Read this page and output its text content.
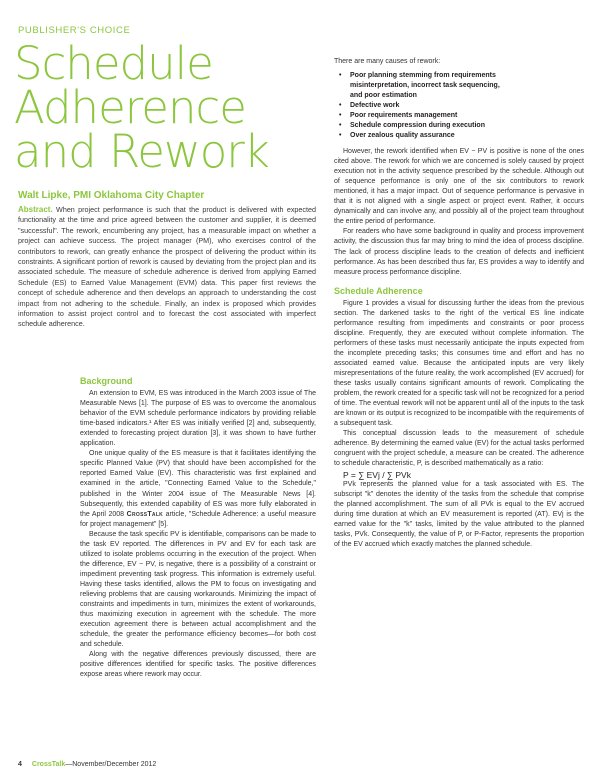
PUBLISHER'S CHOICE
Schedule
Adherence
and Rework
Walt Lipke, PMI Oklahoma City Chapter

Abstract. When project performance is such that the product is delivered with expected functionality at the time and price agreed between the customer and supplier, it is deemed "successful". The rework, encumbering any project, has a measurable impact on whether a project can achieve success. The project manager (PM), who exercises control of the contributors to rework, can greatly enhance the prospect of delivering the product within its constraints. A significant portion of rework is caused by deviating from the project plan and its associated schedule. The measure of schedule adherence is derived from applying Earned Schedule (ES) to Earned Value Management (EVM) data. This paper first reviews the concept of schedule adherence and then develops an approach to understanding the cost impact from not adhering to the schedule. Finally, an index is proposed which provides information to assist project control and to forecast the cost associated with imperfect schedule adherence.

Background

An extension to EVM, ES was introduced in the March 2003 issue of The Measurable News [1]. The purpose of ES was to overcome the anomalous behavior of the EVM schedule performance indicators by providing reliable time-based indicators.¹ After ES was initially verified [2] and, subsequently, extended to forecasting project duration [3], it was shown to have further application.

One unique quality of the ES measure is that it facilitates identifying the specific Planned Value (PV) that should have been accomplished for the reported Earned Value (EV). This characteristic was first explained and examined in the article, "Connecting Earned Value to the Schedule," published in the Winter 2004 issue of The Measurable News [4]. Subsequently, this extended capability of ES was more fully elaborated in the April 2008 CrossTalk article, "Schedule Adherence: a useful measure for project management" [5].

Because the task specific PV is identifiable, comparisons can be made to the task EV reported. The differences in PV and EV for each task are utilized to isolate problems occurring in the execution of the project. When the difference, EV − PV, is negative, there is a possibility of a constraint or impediment preventing task progress. This information is extremely useful. Having these tasks identified, allows the PM to focus on investigating and relieving problems that are causing workarounds. Minimizing the impact of constraints and impediments in turn, minimizes the extent of workarounds, thus maximizing execution in agreement with the schedule. The more execution agreement there is between actual accomplishment and the schedule, the greater the performance efficiency becomes—for both cost and schedule.

Along with the negative differences previously discussed, there are positive differences identified for specific tasks. The positive differences expose areas where rework may occur.

There are many causes of rework:

• Poor planning stemming from requirements
misinterpretation, incorrect task sequencing,
and poor estimation
• Defective work
• Poor requirements management
• Schedule compression during execution
• Over zealous quality assurance

However, the rework identified when EV − PV is positive is none of the ones cited above. The rework for which we are concerned is solely caused by project execution not in the activity sequence prescribed by the schedule. Although out of sequence performance is only one of the six contributors to rework mentioned, it has a major impact. Out of sequence performance is pervasive in that it is not aligned with a single aspect or project event. Rather, it occurs dynamically and can involve any, and possibly all of the project team throughout the entire period of performance.

For readers who have some background in quality and process improvement activity, the discussion thus far may bring to mind the idea of process discipline. The lack of process discipline leads to the creation of defects and inefficient performance. As has been described thus far, ES provides a way to identify and measure process performance discipline.

Schedule Adherence

Figure 1 provides a visual for discussing further the ideas from the previous section. The darkened tasks to the right of the vertical ES line indicate performance resulting from impediments and constraints or poor process discipline. Frequently, they are executed without complete information. The performers of these tasks must necessarily anticipate the inputs expected from the incomplete preceding tasks; this consumes time and effort and has no associated earned value. Because the anticipated inputs are very likely misrepresentations of the future reality, the work accomplished (EV accrued) for these tasks usually contains significant amounts of rework. Complicating the problem, the rework created for a specific task will not be recognized for a period of time. The eventual rework will not be apparent until all of the inputs to the task are known or its output is recognized to be incompatible with the requirements of a subsequent task.

This conceptual discussion leads to the measurement of schedule adherence. By determining the earned value (EV) for the actual tasks performed congruent with the project schedule, a measure can be created. The adherence to schedule characteristic, P, is described mathematically as a ratio:

P = ∑ EVj / ∑ PVk

PVk represents the planned value for a task associated with ES. The subscript "k" denotes the identity of the tasks from the schedule that comprise the planned accomplishment. The sum of all PVk is equal to the EV accrued during time duration at which an EV measurement is reported (AT). EVj is the earned value for the "k" tasks, limited by the value attributed to the planned tasks, PVk. Consequently, the value of P, or P-Factor, represents the proportion of the EV accrued which exactly matches the planned schedule.

4 CrossTalk—November/December 2012
